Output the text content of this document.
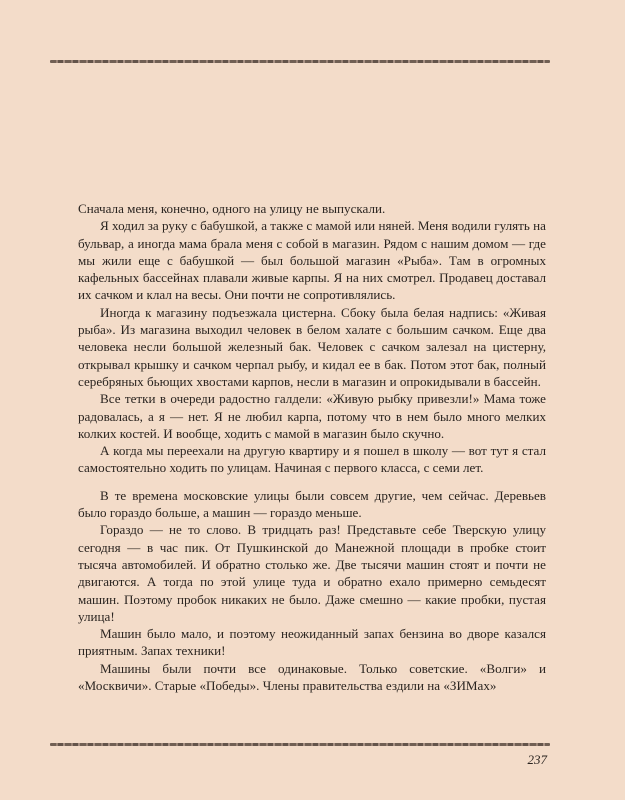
Сначала меня, конечно, одного на улицу не выпускали.

Я ходил за руку с бабушкой, а также с мамой или няней. Меня водили гулять на бульвар, а иногда мама брала меня с собой в магазин. Рядом с нашим домом — где мы жили еще с бабушкой — был большой магазин «Рыба». Там в огромных кафельных бассейнах плавали живые карпы. Я на них смотрел. Продавец доставал их сачком и клал на весы. Они почти не сопротивлялись.

Иногда к магазину подъезжала цистерна. Сбоку была белая надпись: «Живая рыба». Из магазина выходил человек в белом халате с большим сачком. Еще два человека несли большой железный бак. Человек с сачком залезал на цистерну, открывал крышку и сачком черпал рыбу, и кидал ее в бак. Потом этот бак, полный серебряных бьющих хвостами карпов, несли в магазин и опрокидывали в бассейн.

Все тетки в очереди радостно галдели: «Живую рыбку привезли!» Мама тоже радовалась, а я — нет. Я не любил карпа, потому что в нем было много мелких колких костей. И вообще, ходить с мамой в магазин было скучно.

А когда мы переехали на другую квартиру и я пошел в школу — вот тут я стал самостоятельно ходить по улицам. Начиная с первого класса, с семи лет.

В те времена московские улицы были совсем другие, чем сейчас. Деревьев было гораздо больше, а машин — гораздо меньше.

Гораздо — не то слово. В тридцать раз! Представьте себе Тверскую улицу сегодня — в час пик. От Пушкинской до Манежной площади в пробке стоит тысяча автомобилей. И обратно столько же. Две тысячи машин стоят и почти не двигаются. А тогда по этой улице туда и обратно ехало примерно семьдесят машин. Поэтому пробок никаких не было. Даже смешно — какие пробки, пустая улица!

Машин было мало, и поэтому неожиданный запах бензина во дворе казался приятным. Запах техники!

Машины были почти все одинаковые. Только советские. «Волги» и «Москвичи». Старые «Победы». Члены правительства ездили на «ЗИМах»

237
